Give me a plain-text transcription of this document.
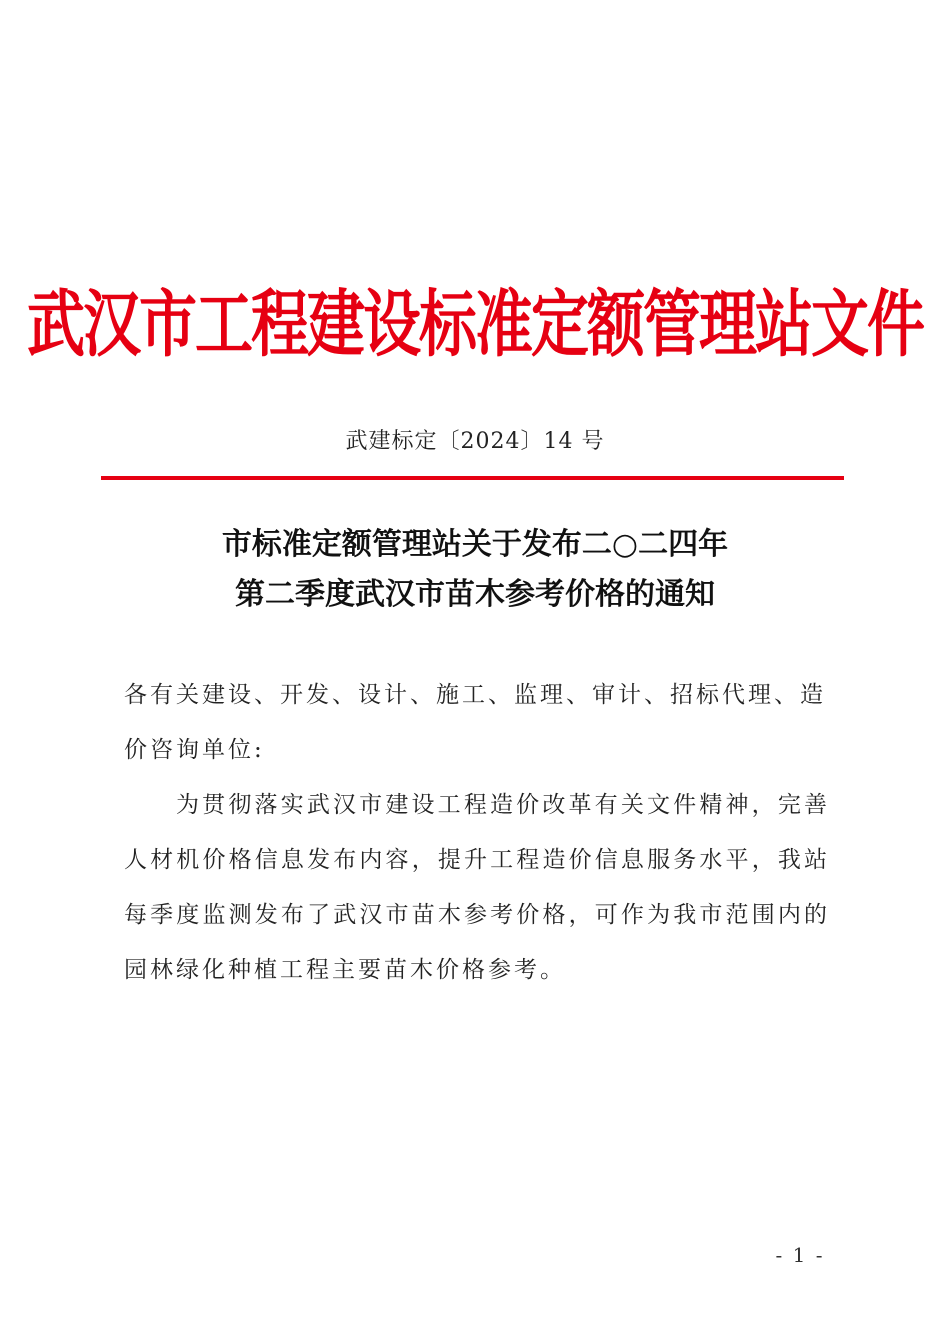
武汉市工程建设标准定额管理站文件
武建标定〔2024〕14 号
市标准定额管理站关于发布二○二四年
第二季度武汉市苗木参考价格的通知
各有关建设、开发、设计、施工、监理、审计、招标代理、造价咨询单位:
为贯彻落实武汉市建设工程造价改革有关文件精神，完善人材机价格信息发布内容，提升工程造价信息服务水平，我站每季度监测发布了武汉市苗木参考价格，可作为我市范围内的园林绿化种植工程主要苗木价格参考。
- 1 -
